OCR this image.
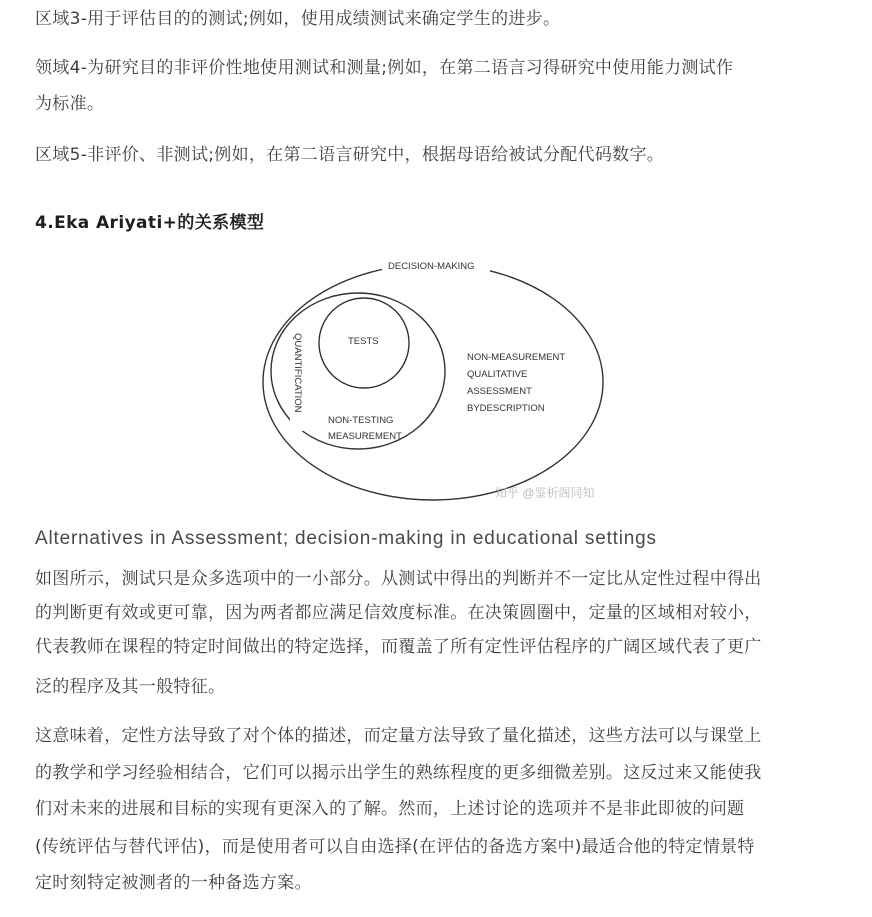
区域3-用于评估目的的测试;例如，使用成绩测试来确定学生的进步。

领域4-为研究目的非评价性地使用测试和测量;例如，在第二语言习得研究中使用能力测试作

为标准。

区域5-非评价、非测试;例如，在第二语言研究中，根据母语给被试分配代码数字。

4.Eka Ariyati+的关系模型
DECISION-MAKING
QUANTIFICATION	TESTS
NON-TESTING
MEASUREMENT
NON-MEASUREMENT
QUALITATIVE
ASSESSMENT
BYDESCRIPTION
知乎 @鉴析阁同知

Alternatives in Assessment; decision-making in educational settings

如图所示，测试只是众多选项中的一小部分。从测试中得出的判断并不一定比从定性过程中得出

的判断更有效或更可靠，因为两者都应满足信效度标准。在决策圆圈中，定量的区域相对较小，

代表教师在课程的特定时间做出的特定选择，而覆盖了所有定性评估程序的广阔区域代表了更广

泛的程序及其一般特征。

这意味着，定性方法导致了对个体的描述，而定量方法导致了量化描述，这些方法可以与课堂上

的教学和学习经验相结合，它们可以揭示出学生的熟练程度的更多细微差别。这反过来又能使我

们对未来的进展和目标的实现有更深入的了解。然而，上述讨论的选项并不是非此即彼的问题

(传统评估与替代评估)，而是使用者可以自由选择(在评估的备选方案中)最适合他的特定情景特

定时刻特定被测者的一种备选方案。
